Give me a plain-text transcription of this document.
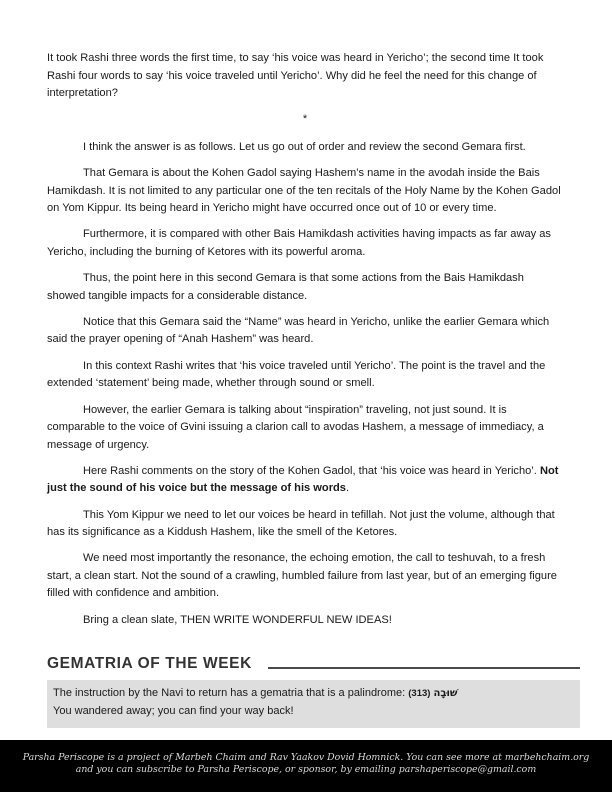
It took Rashi three words the first time, to say ‘his voice was heard in Yericho’; the second time It took Rashi four words to say ‘his voice traveled until Yericho’. Why did he feel the need for this change of interpretation?

*

I think the answer is as follows. Let us go out of order and review the second Gemara first.

That Gemara is about the Kohen Gadol saying Hashem’s name in the avodah inside the Bais Hamikdash. It is not limited to any particular one of the ten recitals of the Holy Name by the Kohen Gadol on Yom Kippur. Its being heard in Yericho might have occurred once out of 10 or every time.

Furthermore, it is compared with other Bais Hamikdash activities having impacts as far away as Yericho, including the burning of Ketores with its powerful aroma.

Thus, the point here in this second Gemara is that some actions from the Bais Hamikdash showed tangible impacts for a considerable distance.

Notice that this Gemara said the “Name” was heard in Yericho, unlike the earlier Gemara which said the prayer opening of “Anah Hashem” was heard.

In this context Rashi writes that ‘his voice traveled until Yericho’. The point is the travel and the extended ‘statement’ being made, whether through sound or smell.

However, the earlier Gemara is talking about “inspiration” traveling, not just sound. It is comparable to the voice of Gvini issuing a clarion call to avodas Hashem, a message of immediacy, a message of urgency.

Here Rashi comments on the story of the Kohen Gadol, that ‘his voice was heard in Yericho’. Not just the sound of his voice but the message of his words.

This Yom Kippur we need to let our voices be heard in tefillah. Not just the volume, although that has its significance as a Kiddush Hashem, like the smell of the Ketores.

We need most importantly the resonance, the echoing emotion, the call to teshuvah, to a fresh start, a clean start. Not the sound of a crawling, humbled failure from last year, but of an emerging figure filled with confidence and ambition.

Bring a clean slate, THEN WRITE WONDERFUL NEW IDEAS!

GEMATRIA OF THE WEEK
The instruction by the Navi to return has a gematria that is a palindrome: (313) שׁוּבָה
You wandered away; you can find your way back!
Parsha Periscope is a project of Marbeh Chaim and Rav Yaakov Dovid Homnick. You can see more at marbehchaim.org
and you can subscribe to Parsha Periscope, or sponsor, by emailing parshaperiscope@gmail.com
